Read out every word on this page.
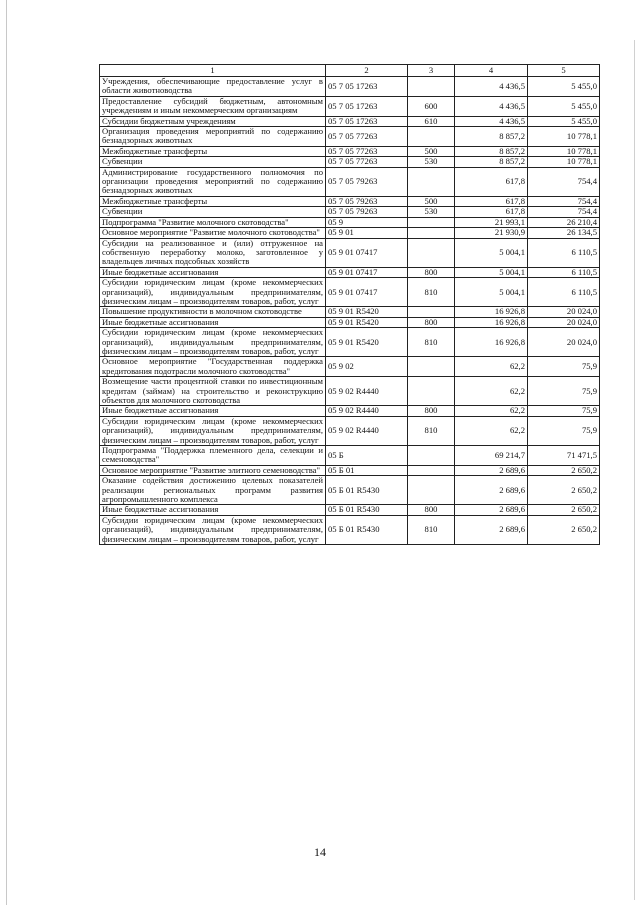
1	2	3	4	5
Учреждения, обеспечивающие предоставление услуг в области животноводства	05 7 05 17263		4 436,5	5 455,0
Предоставление субсидий бюджетным, автономным учреждениям и иным некоммерческим организациям	05 7 05 17263	600	4 436,5	5 455,0
Субсидии бюджетным учреждениям	05 7 05 17263	610	4 436,5	5 455,0
Организация проведения мероприятий по содержанию безнадзорных животных	05 7 05 77263		8 857,2	10 778,1
Межбюджетные трансферты	05 7 05 77263	500	8 857,2	10 778,1
Субвенции	05 7 05 77263	530	8 857,2	10 778,1
Администрирование государственного полномочия по организации проведения мероприятий по содержанию безнадзорных животных	05 7 05 79263		617,8	754,4
Межбюджетные трансферты	05 7 05 79263	500	617,8	754,4
Субвенции	05 7 05 79263	530	617,8	754,4
Подпрограмма "Развитие молочного скотоводства"	05 9		21 993,1	26 210,4
Основное мероприятие "Развитие молочного скотоводства"	05 9 01		21 930,9	26 134,5
Субсидии на реализованное и (или) отгруженное на собственную переработку молоко, заготовленное у владельцев личных подсобных хозяйств	05 9 01 07417		5 004,1	6 110,5
Иные бюджетные ассигнования	05 9 01 07417	800	5 004,1	6 110,5
Субсидии юридическим лицам (кроме некоммерческих организаций), индивидуальным предпринимателям, физическим лицам – производителям товаров, работ, услуг	05 9 01 07417	810	5 004,1	6 110,5
Повышение продуктивности в молочном скотоводстве	05 9 01 R5420		16 926,8	20 024,0
Иные бюджетные ассигнования	05 9 01 R5420	800	16 926,8	20 024,0
Субсидии юридическим лицам (кроме некоммерческих организаций), индивидуальным предпринимателям, физическим лицам – производителям товаров, работ, услуг	05 9 01 R5420	810	16 926,8	20 024,0
Основное мероприятие "Государственная поддержка кредитования подотрасли молочного скотоводства"	05 9 02		62,2	75,9
Возмещение части процентной ставки по инвестиционным кредитам (займам) на строительство и реконструкцию объектов для молочного скотоводства	05 9 02 R4440		62,2	75,9
Иные бюджетные ассигнования	05 9 02 R4440	800	62,2	75,9
Субсидии юридическим лицам (кроме некоммерческих организаций), индивидуальным предпринимателям, физическим лицам – производителям товаров, работ, услуг	05 9 02 R4440	810	62,2	75,9
Подпрограмма "Поддержка племенного дела, селекции и семеноводства"	05 Б		69 214,7	71 471,5
Основное мероприятие "Развитие элитного семеноводства"	05 Б 01		2 689,6	2 650,2
Оказание содействия достижению целевых показателей реализации региональных программ развития агропромышленного комплекса	05 Б 01 R5430		2 689,6	2 650,2
Иные бюджетные ассигнования	05 Б 01 R5430	800	2 689,6	2 650,2
Субсидии юридическим лицам (кроме некоммерческих организаций), индивидуальным предпринимателям, физическим лицам – производителям товаров, работ, услуг	05 Б 01 R5430	810	2 689,6	2 650,2
14
